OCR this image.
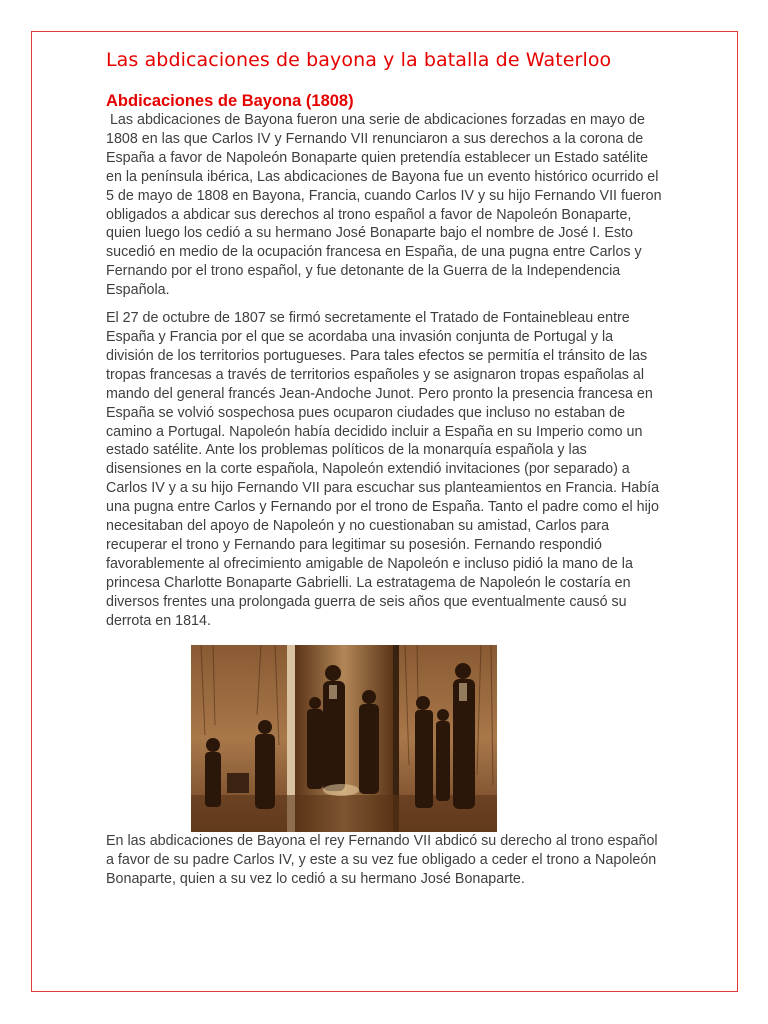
Las abdicaciones de bayona y la batalla de Waterloo
Abdicaciones de Bayona (1808)

Las abdicaciones de Bayona fueron una serie de abdicaciones forzadas en mayo de 1808 en las que Carlos IV y Fernando VII renunciaron a sus derechos a la corona de España a favor de Napoleón Bonaparte quien pretendía establecer un Estado satélite en la península ibérica, Las abdicaciones de Bayona fue un evento histórico ocurrido el 5 de mayo de 1808 en Bayona, Francia, cuando Carlos IV y su hijo Fernando VII fueron obligados a abdicar sus derechos al trono español a favor de Napoleón Bonaparte, quien luego los cedió a su hermano José Bonaparte bajo el nombre de José I. Esto sucedió en medio de la ocupación francesa en España, de una pugna entre Carlos y Fernando por el trono español, y fue detonante de la Guerra de la Independencia Española.

El 27 de octubre de 1807 se firmó secretamente el Tratado de Fontainebleau entre España y Francia por el que se acordaba una invasión conjunta de Portugal y la división de los territorios portugueses. Para tales efectos se permitía el tránsito de las tropas francesas a través de territorios españoles y se asignaron tropas españolas al mando del general francés Jean-Andoche Junot. Pero pronto la presencia francesa en España se volvió sospechosa pues ocuparon ciudades que incluso no estaban de camino a Portugal. Napoleón había decidido incluir a España en su Imperio como un estado satélite. Ante los problemas políticos de la monarquía española y las disensiones en la corte española, Napoleón extendió invitaciones (por separado) a Carlos IV y a su hijo Fernando VII para escuchar sus planteamientos en Francia. Había una pugna entre Carlos y Fernando por el trono de España. Tanto el padre como el hijo necesitaban del apoyo de Napoleón y no cuestionaban su amistad, Carlos para recuperar el trono y Fernando para legitimar su posesión. Fernando respondió favorablemente al ofrecimiento amigable de Napoleón e incluso pidió la mano de la princesa Charlotte Bonaparte Gabrielli. La estratagema de Napoleón le costaría en diversos frentes una prolongada guerra de seis años que eventualmente causó su derrota en 1814.

En las abdicaciones de Bayona el rey Fernando VII abdicó su derecho al trono español a favor de su padre Carlos IV, y este a su vez fue obligado a ceder el trono a Napoleón Bonaparte, quien a su vez lo cedió a su hermano José Bonaparte.
